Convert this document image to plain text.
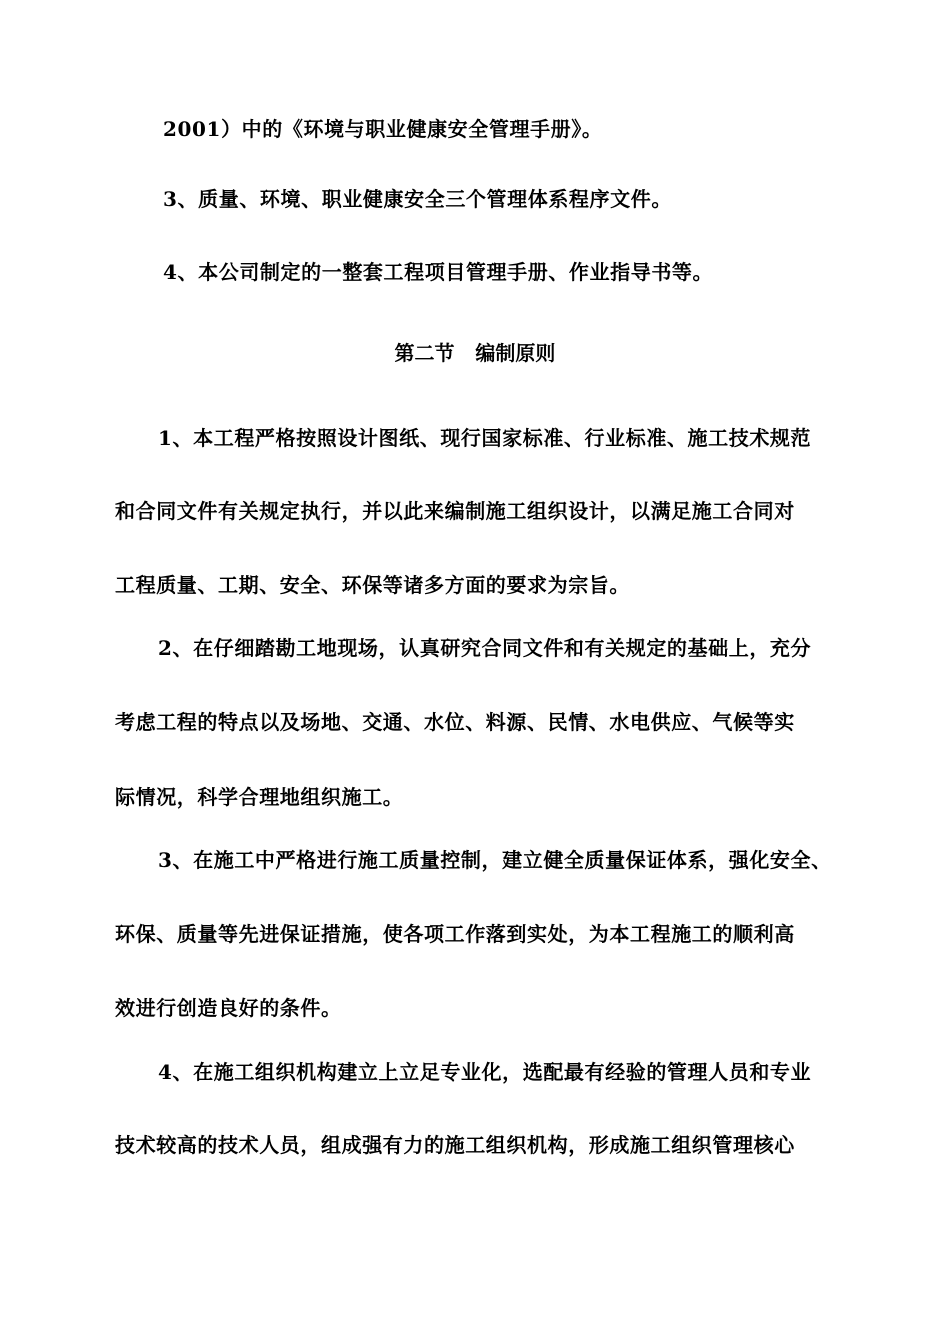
2001）中的《环境与职业健康安全管理手册》。
3、质量、环境、职业健康安全三个管理体系程序文件。
4、本公司制定的一整套工程项目管理手册、作业指导书等。
第二节   编制原则
1、本工程严格按照设计图纸、现行国家标准、行业标准、施工技术规范
和合同文件有关规定执行，并以此来编制施工组织设计，以满足施工合同对
工程质量、工期、安全、环保等诸多方面的要求为宗旨。
2、在仔细踏勘工地现场，认真研究合同文件和有关规定的基础上，充分
考虑工程的特点以及场地、交通、水位、料源、民情、水电供应、气候等实
际情况，科学合理地组织施工。
3、在施工中严格进行施工质量控制，建立健全质量保证体系，强化安全、
环保、质量等先进保证措施，使各项工作落到实处，为本工程施工的顺利高
效进行创造良好的条件。
4、在施工组织机构建立上立足专业化，选配最有经验的管理人员和专业
技术较高的技术人员，组成强有力的施工组织机构，形成施工组织管理核心
